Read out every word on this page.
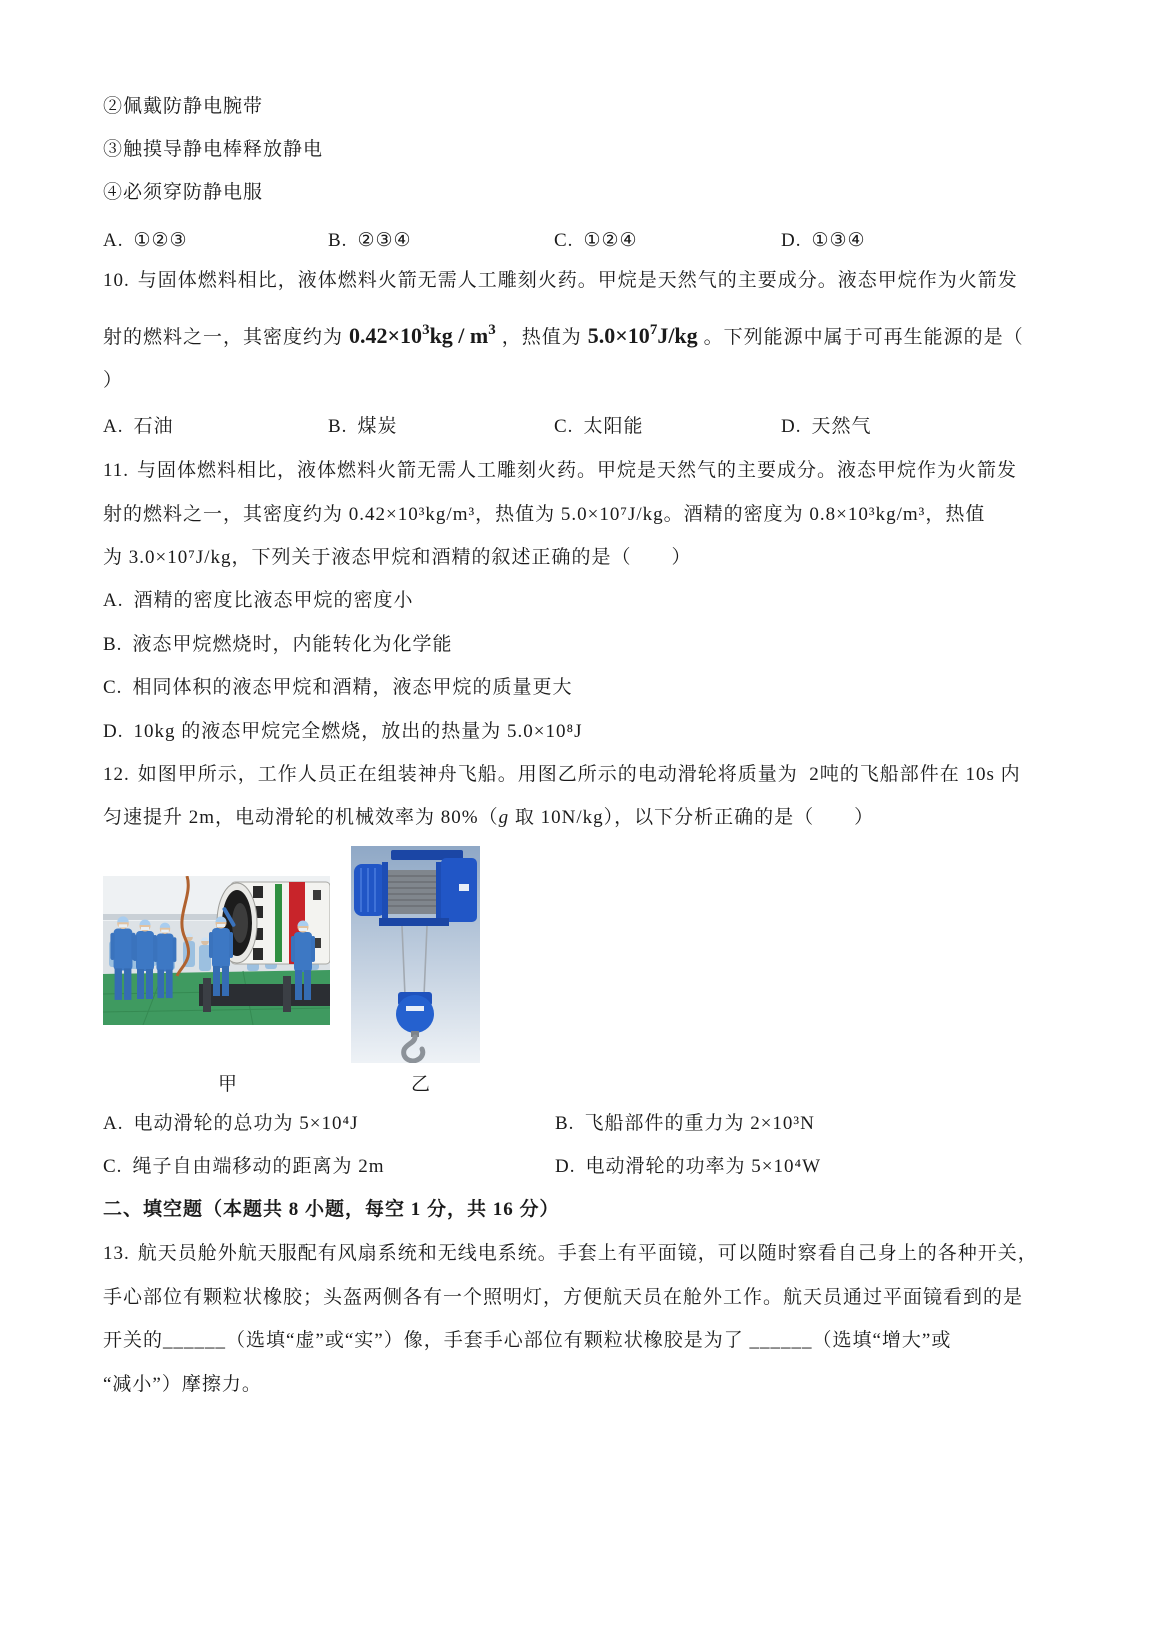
②佩戴防静电腕带
③触摸导静电棒释放静电
④必须穿防静电服
A. ①②③	B. ②③④	C. ①②④	D. ①③④
10. 与固体燃料相比，液体燃料火箭无需人工雕刻火药。甲烷是天然气的主要成分。液态甲烷作为火箭发
射的燃料之一，其密度约为 $0.42\times 10^3kg / m^3$ ，热值为 $5.0\times 10^7J/kg$ 。下列能源中属于可再生能源的是（
）
A. 石油	B. 煤炭	C. 太阳能	D. 天然气
11. 与固体燃料相比，液体燃料火箭无需人工雕刻火药。甲烷是天然气的主要成分。液态甲烷作为火箭发
射的燃料之一，其密度约为 0.42×10³kg/m³，热值为 5.0×10⁷J/kg。酒精的密度为 0.8×10³kg/m³，热值
为 3.0×10⁷J/kg，下列关于液态甲烷和酒精的叙述正确的是（　　）
A. 酒精的密度比液态甲烷的密度小
B. 液态甲烷燃烧时，内能转化为化学能
C. 相同体积的液态甲烷和酒精，液态甲烷的质量更大
D. 10kg 的液态甲烷完全燃烧，放出的热量为 5.0×10⁸J
12. 如图甲所示，工作人员正在组装神舟飞船。用图乙所示的电动滑轮将质量为  2吨的飞船部件在 10s 内
匀速提升 2m，电动滑轮的机械效率为 80%（g 取 10N/kg），以下分析正确的是（　　）
甲	乙
A. 电动滑轮的总功为 5×10⁴J	B. 飞船部件的重力为 2×10³N
C. 绳子自由端移动的距离为 2m	D. 电动滑轮的功率为 5×10⁴W
二、填空题（本题共 8 小题，每空 1 分，共 16 分）
13. 航天员舱外航天服配有风扇系统和无线电系统。手套上有平面镜，可以随时察看自己身上的各种开关，
手心部位有颗粒状橡胶；头盔两侧各有一个照明灯，方便航天员在舱外工作。航天员通过平面镜看到的是
开关的______（选填“虚”或“实”）像，手套手心部位有颗粒状橡胶是为了 ______（选填“增大”或
“减小”）摩擦力。
